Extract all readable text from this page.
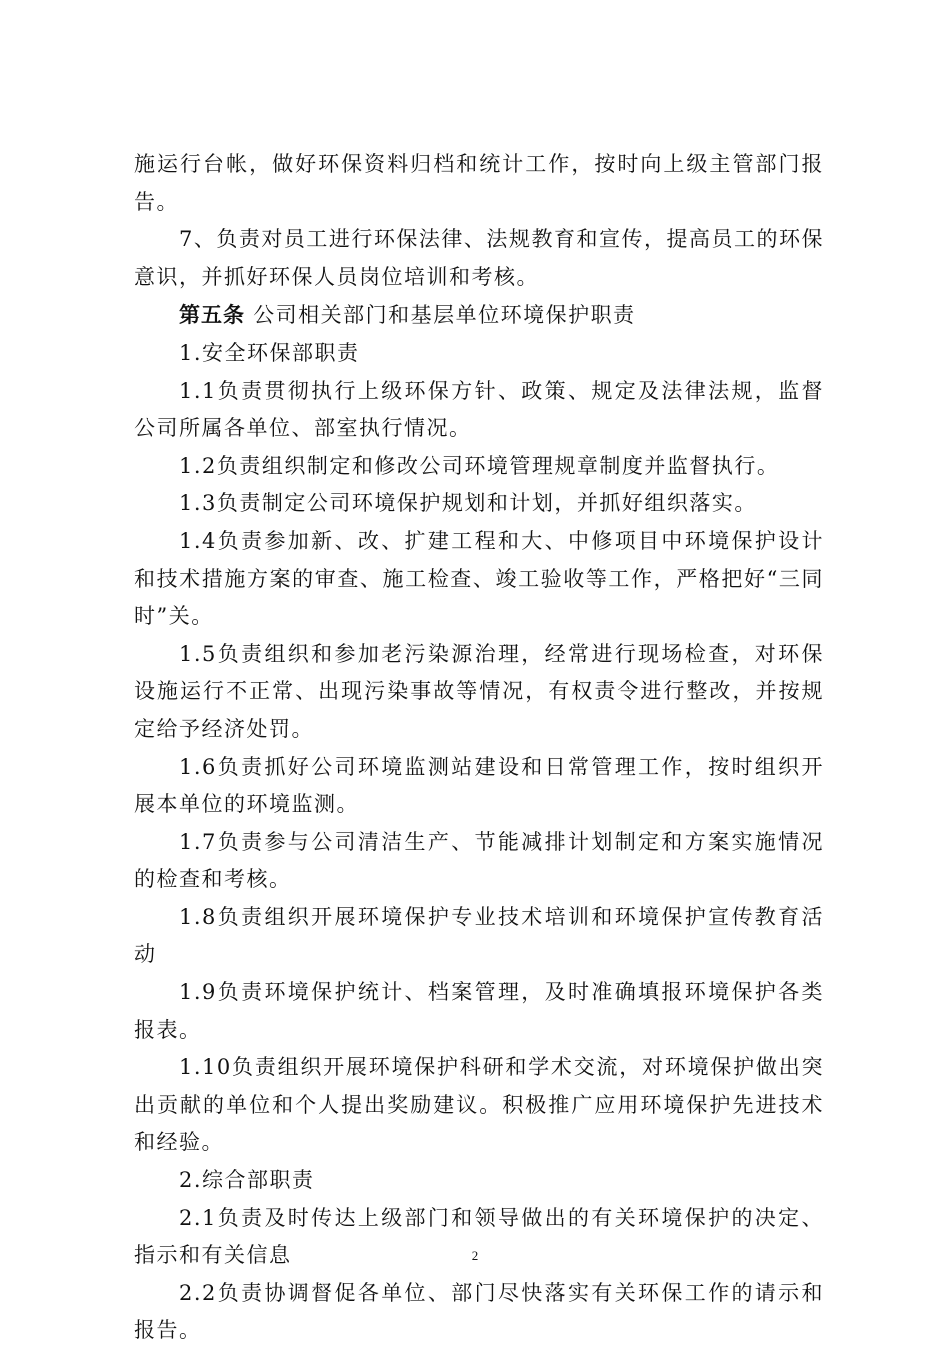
施运行台帐，做好环保资料归档和统计工作，按时向上级主管部门报告。

7、负责对员工进行环保法律、法规教育和宣传，提高员工的环保意识，并抓好环保人员岗位培训和考核。

第五条 公司相关部门和基层单位环境保护职责

1.安全环保部职责

1.1负责贯彻执行上级环保方针、政策、规定及法律法规，监督公司所属各单位、部室执行情况。

1.2负责组织制定和修改公司环境管理规章制度并监督执行。

1.3负责制定公司环境保护规划和计划，并抓好组织落实。

1.4负责参加新、改、扩建工程和大、中修项目中环境保护设计和技术措施方案的审查、施工检查、竣工验收等工作，严格把好“三同时”关。

1.5负责组织和参加老污染源治理，经常进行现场检查，对环保设施运行不正常、出现污染事故等情况，有权责令进行整改，并按规定给予经济处罚。

1.6负责抓好公司环境监测站建设和日常管理工作，按时组织开展本单位的环境监测。

1.7负责参与公司清洁生产、节能减排计划制定和方案实施情况的检查和考核。

1.8负责组织开展环境保护专业技术培训和环境保护宣传教育活动

1.9负责环境保护统计、档案管理，及时准确填报环境保护各类报表。

1.10负责组织开展环境保护科研和学术交流，对环境保护做出突出贡献的单位和个人提出奖励建议。积极推广应用环境保护先进技术和经验。

2.综合部职责

2.1负责及时传达上级部门和领导做出的有关环境保护的决定、指示和有关信息

2.2负责协调督促各单位、部门尽快落实有关环保工作的请示和报告。

2
